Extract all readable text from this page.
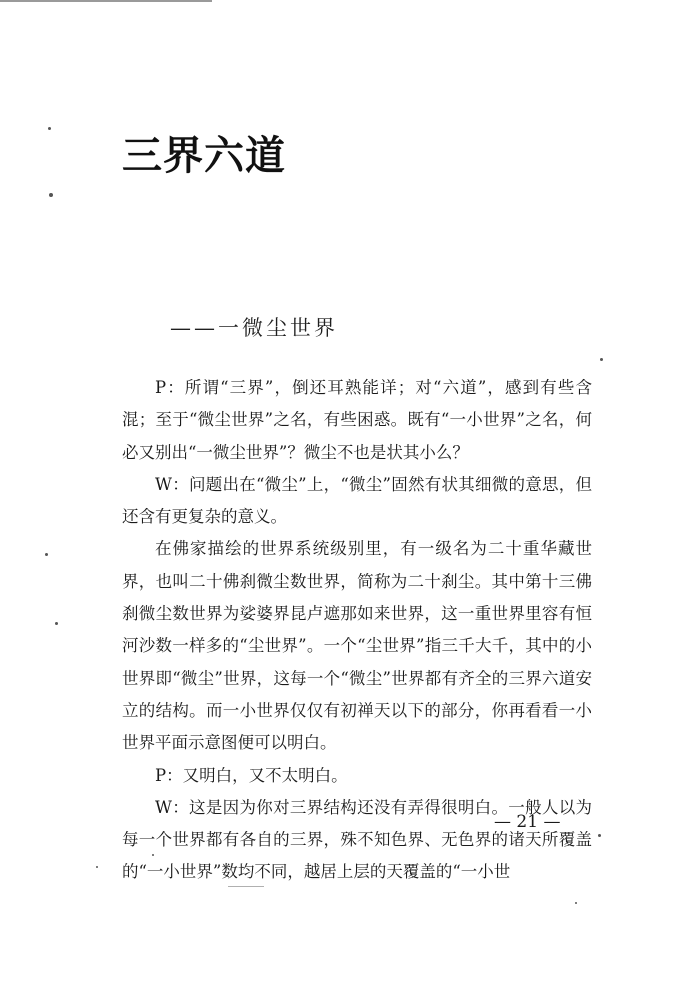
三界六道
——一微尘世界

P：所谓“三界”，倒还耳熟能详；对“六道”，感到有些含混；至于“微尘世界”之名，有些困惑。既有“一小世界”之名，何必又别出“一微尘世界”？微尘不也是状其小么？

W：问题出在“微尘”上，“微尘”固然有状其细微的意思，但还含有更复杂的意义。

在佛家描绘的世界系统级别里，有一级名为二十重华藏世界，也叫二十佛刹微尘数世界，简称为二十刹尘。其中第十三佛刹微尘数世界为娑婆界昆卢遮那如来世界，这一重世界里容有恒河沙数一样多的“尘世界”。一个“尘世界”指三千大千，其中的小世界即“微尘”世界，这每一个“微尘”世界都有齐全的三界六道安立的结构。而一小世界仅仅有初禅天以下的部分，你再看看一小世界平面示意图便可以明白。

P：又明白，又不太明白。

W：这是因为你对三界结构还没有弄得很明白。一般人以为每一个世界都有各自的三界，殊不知色界、无色界的诸天所覆盖的“一小世界”数均不同，越居上层的天覆盖的“一小世

— 21 —
